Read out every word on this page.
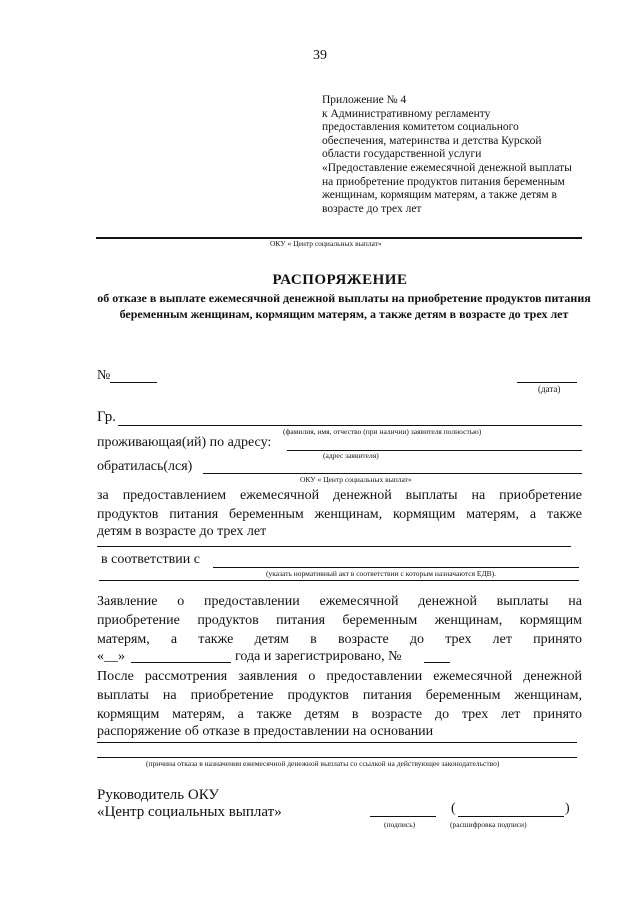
39
Приложение № 4
к Административному регламенту
предоставления комитетом социального
обеспечения, материнства и детства Курской
области государственной услуги
«Предоставление ежемесячной денежной выплаты
на приобретение продуктов питания беременным
женщинам, кормящим матерям, а также детям в
возрасте до трех лет
ОКУ « Центр социальных выплат»
РАСПОРЯЖЕНИЕ
об отказе в выплате ежемесячной денежной выплаты на приобретение продуктов питания беременным женщинам, кормящим матерям, а также детям в возрасте до трех лет
№
(дата)
Гр.
(фамилия, имя, отчество (при наличии) заявителя полностью)
проживающая(ий) по адресу:
(адрес заявителя)
обратилась(лся)
ОКУ « Центр социальных выплат»
за предоставлением ежемесячной денежной выплаты на приобретение
продуктов питания беременным женщинам, кормящим матерям, а также
детям в возрасте до трех лет
в соответствии с
(указать нормативный акт в соответствии с которым назначаются ЕДВ).
Заявление о предоставлении ежемесячной денежной выплаты на
приобретение продуктов питания беременным женщинам, кормящим
матерям, а также детям в возрасте до трех лет принято
«__»	года и зарегистрировано, №
После рассмотрения заявления о предоставлении ежемесячной денежной
выплаты на приобретение продуктов питания беременным женщинам,
кормящим матерям, а также детям в возрасте до трех лет принято
распоряжение об отказе в предоставлении на основании
(причина отказа в назначении ежемесячной денежной выплаты со ссылкой на действующее законодательство)
Руководитель ОКУ
«Центр социальных выплат»
(подпись)
(	)
(расшифровка подписи)
